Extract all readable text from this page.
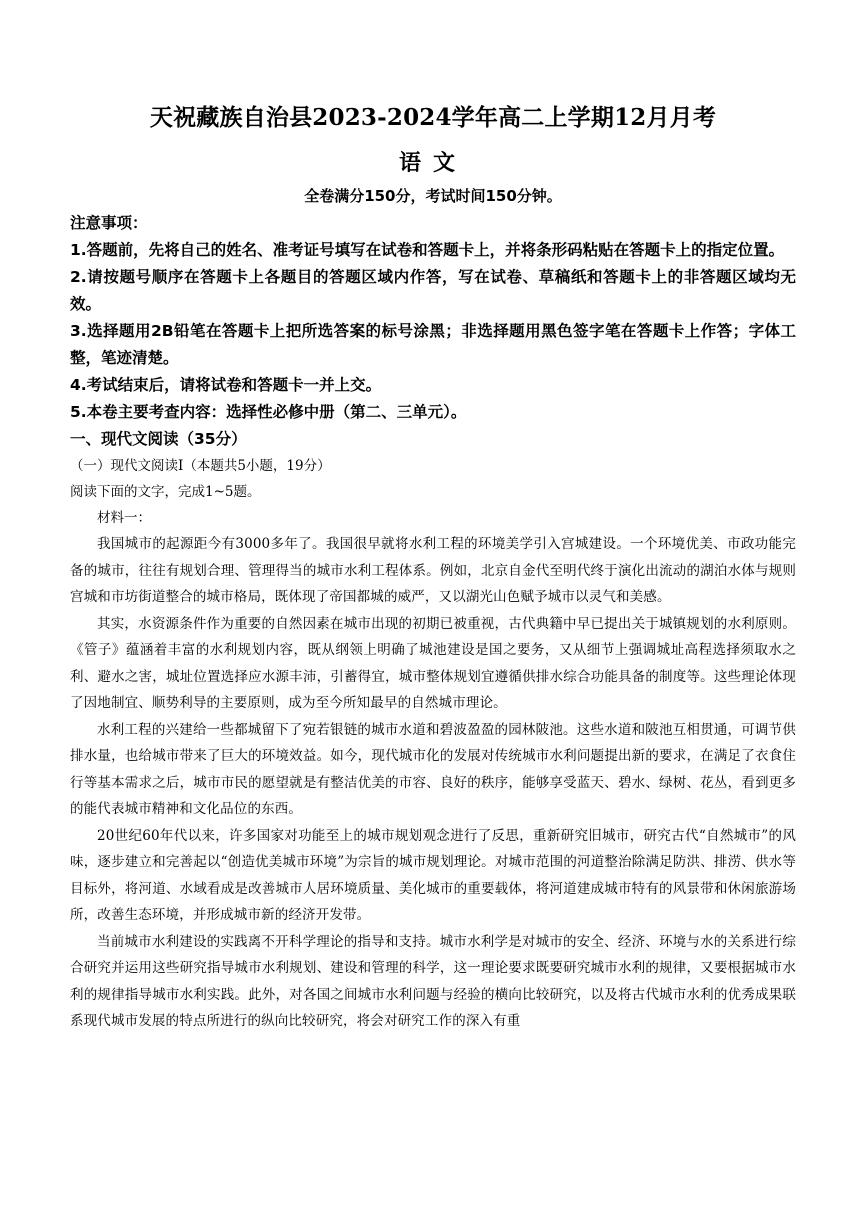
天祝藏族自治县2023-2024学年高二上学期12月月考
语文
全卷满分150分，考试时间150分钟。
注意事项：

1.答题前，先将自己的姓名、准考证号填写在试卷和答题卡上，并将条形码粘贴在答题卡上的指定位置。

2.请按题号顺序在答题卡上各题目的答题区域内作答，写在试卷、草稿纸和答题卡上的非答题区域均无效。

3.选择题用2B铅笔在答题卡上把所选答案的标号涂黑；非选择题用黑色签字笔在答题卡上作答；字体工整，笔迹清楚。

4.考试结束后，请将试卷和答题卡一并上交。

5.本卷主要考查内容：选择性必修中册（第二、三单元）。

一、现代文阅读（35分）
（一）现代文阅读Ⅰ（本题共5小题，19分）
阅读下面的文字，完成1~5题。
材料一：

我国城市的起源距今有3000多年了。我国很早就将水利工程的环境美学引入宫城建设。一个环境优美、市政功能完备的城市，往往有规划合理、管理得当的城市水利工程体系。例如，北京自金代至明代终于演化出流动的湖泊水体与规则宫城和市坊街道整合的城市格局，既体现了帝国都城的威严，又以湖光山色赋予城市以灵气和美感。

其实，水资源条件作为重要的自然因素在城市出现的初期已被重视，古代典籍中早已提出关于城镇规划的水利原则。《管子》蕴涵着丰富的水利规划内容，既从纲领上明确了城池建设是国之要务，又从细节上强调城址高程选择须取水之利、避水之害，城址位置选择应水源丰沛，引蓄得宜，城市整体规划宜遵循供排水综合功能具备的制度等。这些理论体现了因地制宜、顺势利导的主要原则，成为至今所知最早的自然城市理论。

水利工程的兴建给一些都城留下了宛若银链的城市水道和碧波盈盈的园林陂池。这些水道和陂池互相贯通，可调节供排水量，也给城市带来了巨大的环境效益。如今，现代城市化的发展对传统城市水利问题提出新的要求，在满足了衣食住行等基本需求之后，城市市民的愿望就是有整洁优美的市容、良好的秩序，能够享受蓝天、碧水、绿树、花丛，看到更多的能代表城市精神和文化品位的东西。

20世纪60年代以来，许多国家对功能至上的城市规划观念进行了反思，重新研究旧城市，研究古代“自然城市”的风味，逐步建立和完善起以“创造优美城市环境”为宗旨的城市规划理论。对城市范围的河道整治除满足防洪、排涝、供水等目标外，将河道、水域看成是改善城市人居环境质量、美化城市的重要载体，将河道建成城市特有的风景带和休闲旅游场所，改善生态环境，并形成城市新的经济开发带。

当前城市水利建设的实践离不开科学理论的指导和支持。城市水利学是对城市的安全、经济、环境与水的关系进行综合研究并运用这些研究指导城市水利规划、建设和管理的科学，这一理论要求既要研究城市水利的规律，又要根据城市水利的规律指导城市水利实践。此外，对各国之间城市水利问题与经验的横向比较研究，以及将古代城市水利的优秀成果联系现代城市发展的特点所进行的纵向比较研究，将会对研究工作的深入有重
